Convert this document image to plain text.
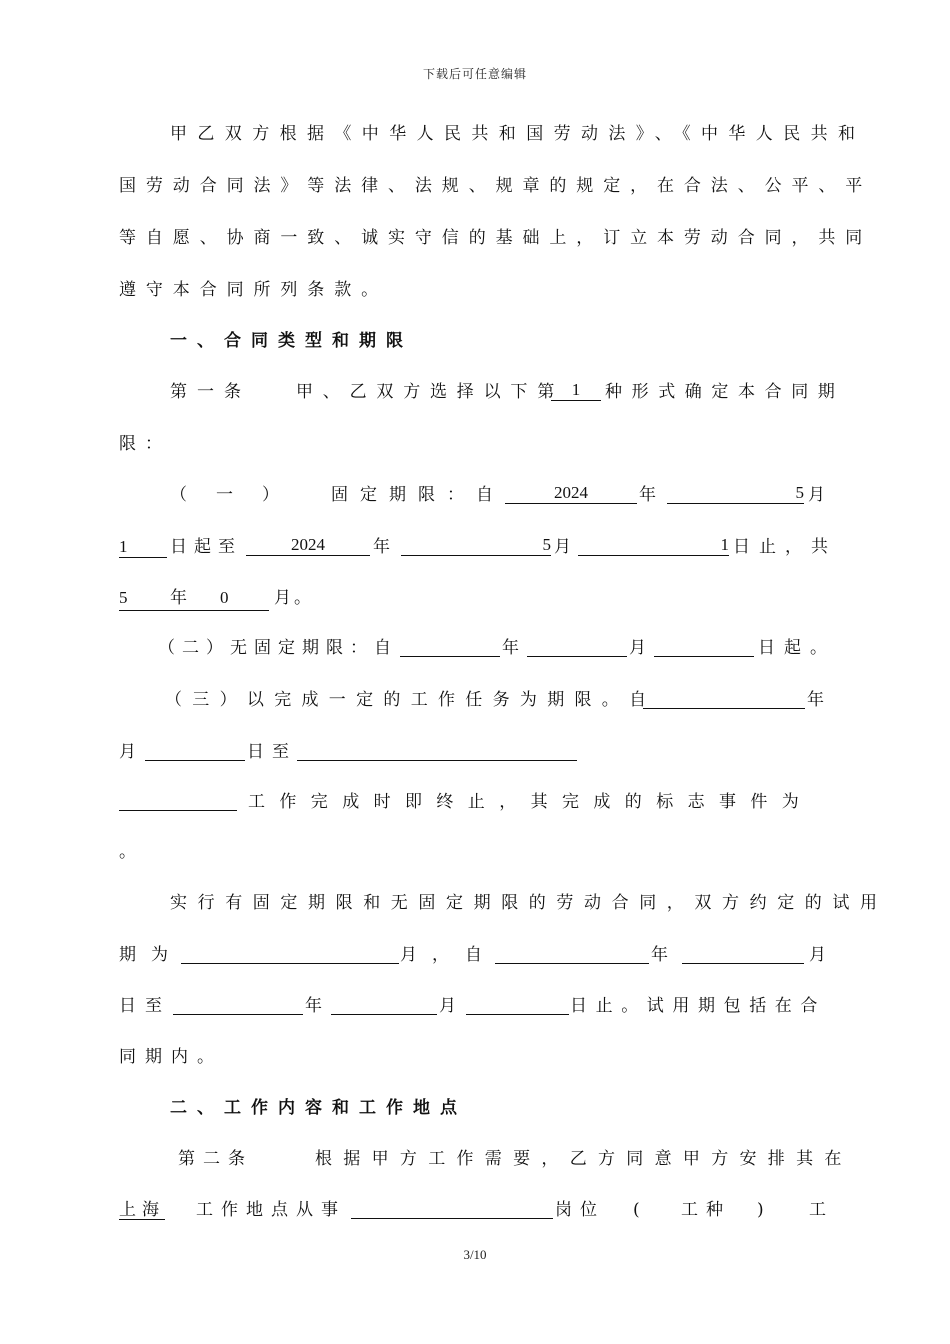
下载后可任意编辑
甲乙双方根据《中华人民共和国劳动法》、《中华人民共和
国劳动合同法》等法律、法规、规章的规定，在合法、公平、平
等自愿、协商一致、诚实守信的基础上，订立本劳动合同，共同
遵守本合同所列条款。
一、合同类型和期限
第一条	甲、乙双方选择以下第 1	种形式确定本合同期
限：
（　一　）	固定期限：自	2024	年	5 月
1	日起至	2024	年	5 月	1 日止，共
5	年 0
	月 。
（二）无固定期限：自	年	月	日起。
（三）以完成一定的工作任务为期限。自	年
月	日至
工作完成时即终止，其完成的标志事件为
。
实行有固定期限和无固定期限的劳动合同，双方约定的试用
期为	月， 自	年	月
日至	年	月	日止。试用期包括在合
同期内。
二、工作内容和工作地点
第二条	根据甲方工作需要，乙方同意甲方安排其在
上海 工作地点从事	岗位 ( 工种 )	工
3/10
